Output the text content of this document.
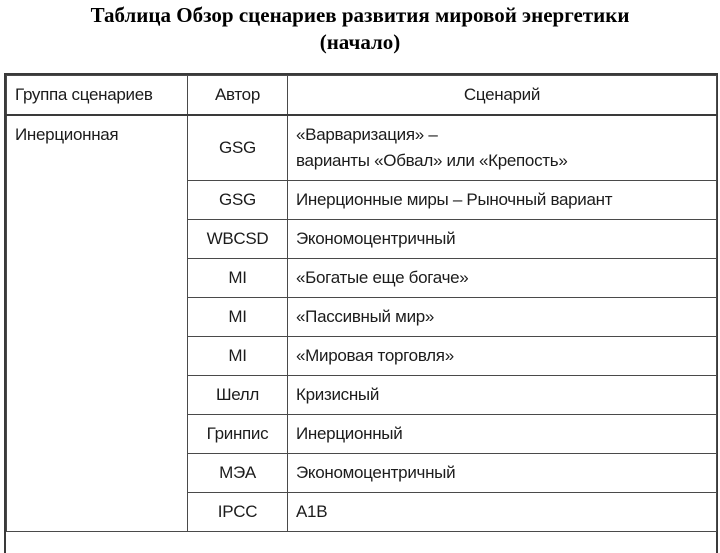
Таблица Обзор сценариев развития мировой энергетики
(начало)
Группа сценариев	Автор	Сценарий
Инерционная	GSG	«Варваризация» –
варианты «Обвал» или «Крепость»

	GSG	Инерционные миры – Рыночный вариант
	WBCSD	Экономоцентричный
	MI	«Богатые еще богаче»
	MI	«Пассивный мир»
	MI	«Мировая торговля»
	Шелл	Кризисный
	Гринпис	Инерционный
	МЭА	Экономоцентричный
	IPCC	A1B
